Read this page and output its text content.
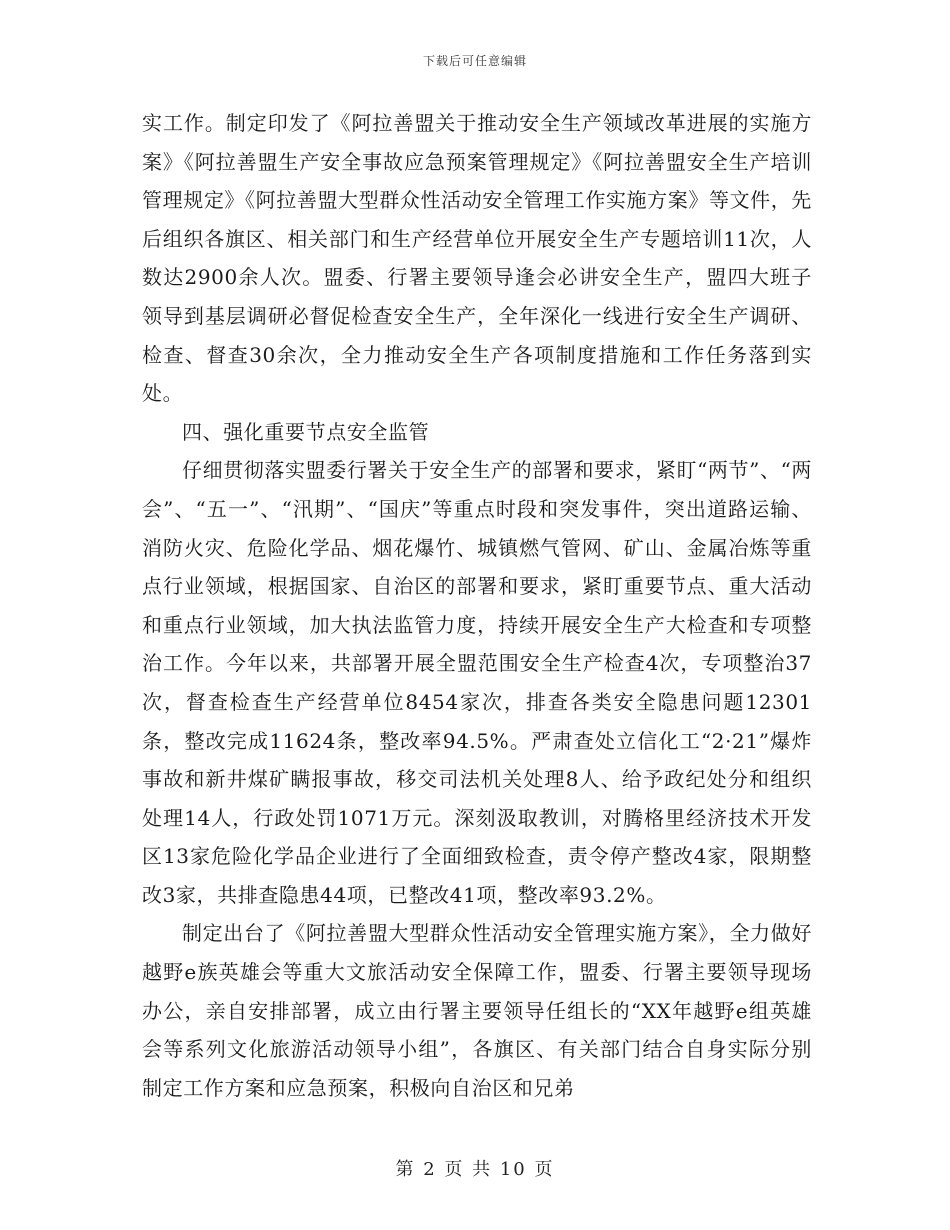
下载后可任意编辑

实工作。制定印发了《阿拉善盟关于推动安全生产领域改革进展的实施方案》《阿拉善盟生产安全事故应急预案管理规定》《阿拉善盟安全生产培训管理规定》《阿拉善盟大型群众性活动安全管理工作实施方案》等文件，先后组织各旗区、相关部门和生产经营单位开展安全生产专题培训11次，人数达2900余人次。盟委、行署主要领导逢会必讲安全生产，盟四大班子领导到基层调研必督促检查安全生产，全年深化一线进行安全生产调研、检查、督查30余次，全力推动安全生产各项制度措施和工作任务落到实处。

四、强化重要节点安全监管

仔细贯彻落实盟委行署关于安全生产的部署和要求，紧盯“两节”、“两会”、“五一”、“汛期”、“国庆”等重点时段和突发事件，突出道路运输、消防火灾、危险化学品、烟花爆竹、城镇燃气管网、矿山、金属冶炼等重点行业领域，根据国家、自治区的部署和要求，紧盯重要节点、重大活动和重点行业领域，加大执法监管力度，持续开展安全生产大检查和专项整治工作。今年以来，共部署开展全盟范围安全生产检查4次，专项整治37次，督查检查生产经营单位8454家次，排查各类安全隐患问题12301条，整改完成11624条，整改率94.5%。严肃查处立信化工“2·21”爆炸事故和新井煤矿瞒报事故，移交司法机关处理8人、给予政纪处分和组织处理14人，行政处罚1071万元。深刻汲取教训，对腾格里经济技术开发区13家危险化学品企业进行了全面细致检查，责令停产整改4家，限期整改3家，共排查隐患44项，已整改41项，整改率93.2%。

制定出台了《阿拉善盟大型群众性活动安全管理实施方案》，全力做好越野e族英雄会等重大文旅活动安全保障工作，盟委、行署主要领导现场办公，亲自安排部署，成立由行署主要领导任组长的“XX年越野e组英雄会等系列文化旅游活动领导小组”，各旗区、有关部门结合自身实际分别制定工作方案和应急预案，积极向自治区和兄弟

第 2 页 共 10 页
